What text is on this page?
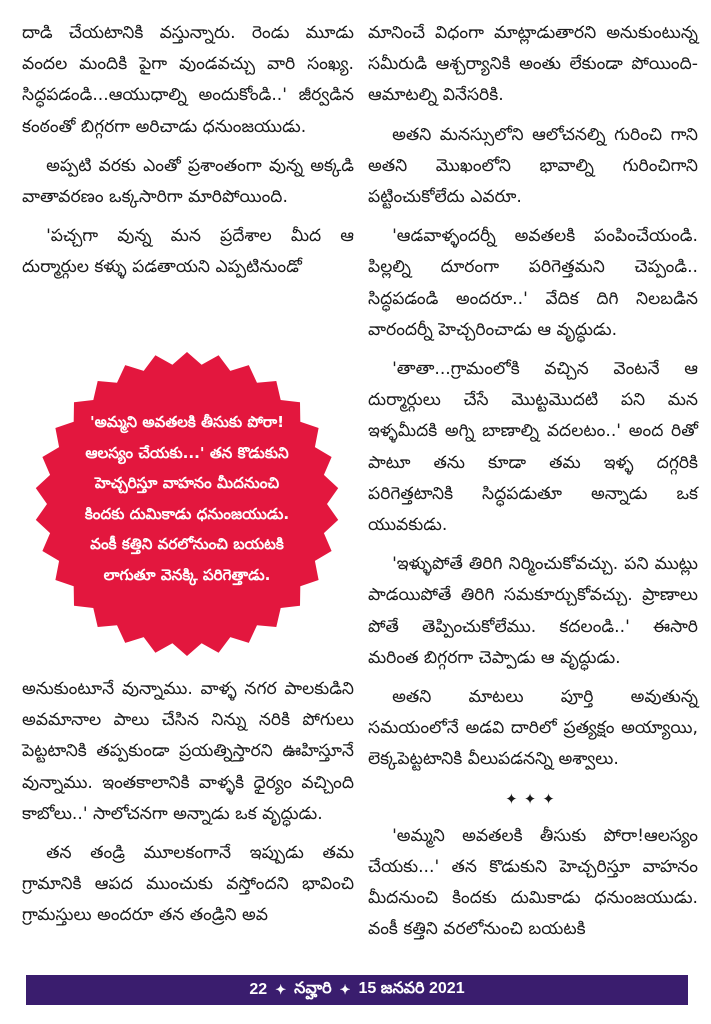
దాడి చేయటానికి వస్తున్నారు. రెండు మూడు వందల మందికి పైగా వుండవచ్చు వారి సంఖ్య. సిద్ధపడండి...ఆయుధాల్ని అందుకోండి..' జీర్వడిన కంఠంతో బిగ్గరగా అరిచాడు ధనుంజయుడు.

అప్పటి వరకు ఎంతో ప్రశాంతంగా వున్న అక్కడి వాతావరణం ఒక్కసారిగా మారిపోయింది.

'పచ్చగా వున్న మన ప్రదేశాల మీద ఆ దుర్మార్గుల కళ్ళు పడతాయని ఎప్పటినుండో

'అమ్మని అవతలకి తీసుకు పోరా!ఆలస్యం చేయకు...' తన కొడుకుని హెచ్చరిస్తూ వాహనం మీదనుంచి కిందకు దుమికాడు ధనుంజయుడు. వంకీ కత్తిని వరలోనుంచి బయటకి లాగుతూ వెనక్కి పరిగెత్తాడు.

అనుకుంటూనే వున్నాము. వాళ్ళ నగర పాలకుడిని అవమానాల పాలు చేసిన నిన్ను నరికి పోగులు పెట్టటానికి తప్పకుండా ప్రయత్నిస్తారని ఊహిస్తూనే వున్నాము. ఇంతకాలానికి వాళ్ళకి ధైర్యం వచ్చింది కాబోలు..' సాలోచనగా అన్నాడు ఒక వృద్ధుడు.

తన తండ్రి మూలకంగానే ఇప్పుడు తమ గ్రామానికి ఆపద ముంచుకు వస్తోందని భావించి గ్రామస్తులు అందరూ తన తండ్రిని అవ

మానించే విధంగా మాట్లాడుతారని అనుకుంటున్న సమీరుడి ఆశ్చర్యానికి అంతు లేకుండా పోయింది- ఆమాటల్ని వినేసరికి.

అతని మనస్సులోని ఆలోచనల్ని గురించి గాని అతని మొఖంలోని భావాల్ని గురించిగాని పట్టించుకోలేదు ఎవరూ.

'ఆడవాళ్ళందర్నీ అవతలకి పంపించేయండి. పిల్లల్ని దూరంగా పరిగెత్తమని చెప్పండి.. సిద్ధపడండి అందరూ..' వేదిక దిగి నిలబడిన వారందర్నీ హెచ్చరించాడు ఆ వృద్ధుడు.

'తాతా...గ్రామంలోకి వచ్చిన వెంటనే ఆ దుర్మార్గులు చేసే మొట్టమొదటి పని మన ఇళ్ళమీదకి అగ్ని బాణాల్ని వదలటం..' అంద రితో పాటూ తను కూడా తమ ఇళ్ళ దగ్గరికి పరిగెత్తటానికి సిద్ధపడుతూ అన్నాడు ఒక యువకుడు.

'ఇళ్ళుపోతే తిరిగి నిర్మించుకోవచ్చు. పని ముట్లు పాడయిపోతే తిరిగి సమకూర్చుకోవచ్చు. ప్రాణాలు పోతే తెప్పించుకోలేము. కదలండి..' ఈసారి మరింత బిగ్గరగా చెప్పాడు ఆ వృద్ధుడు.

అతని మాటలు పూర్తి అవుతున్న సమయంలోనే అడవి దారిలో ప్రత్యక్షం అయ్యాయి, లెక్కపెట్టటానికి వీలుపడనన్ని అశ్వాలు.

✦✦✦

'అమ్మని అవతలకి తీసుకు పోరా!ఆలస్యం చేయకు...' తన కొడుకుని హెచ్చరిస్తూ వాహనం మీదనుంచి కిందకు దుమికాడు ధనుంజయుడు. వంకీ కత్తిని వరలోనుంచి బయటకి

22 ✦ నవ్హారి ✦ 15 జనవరి 2021
